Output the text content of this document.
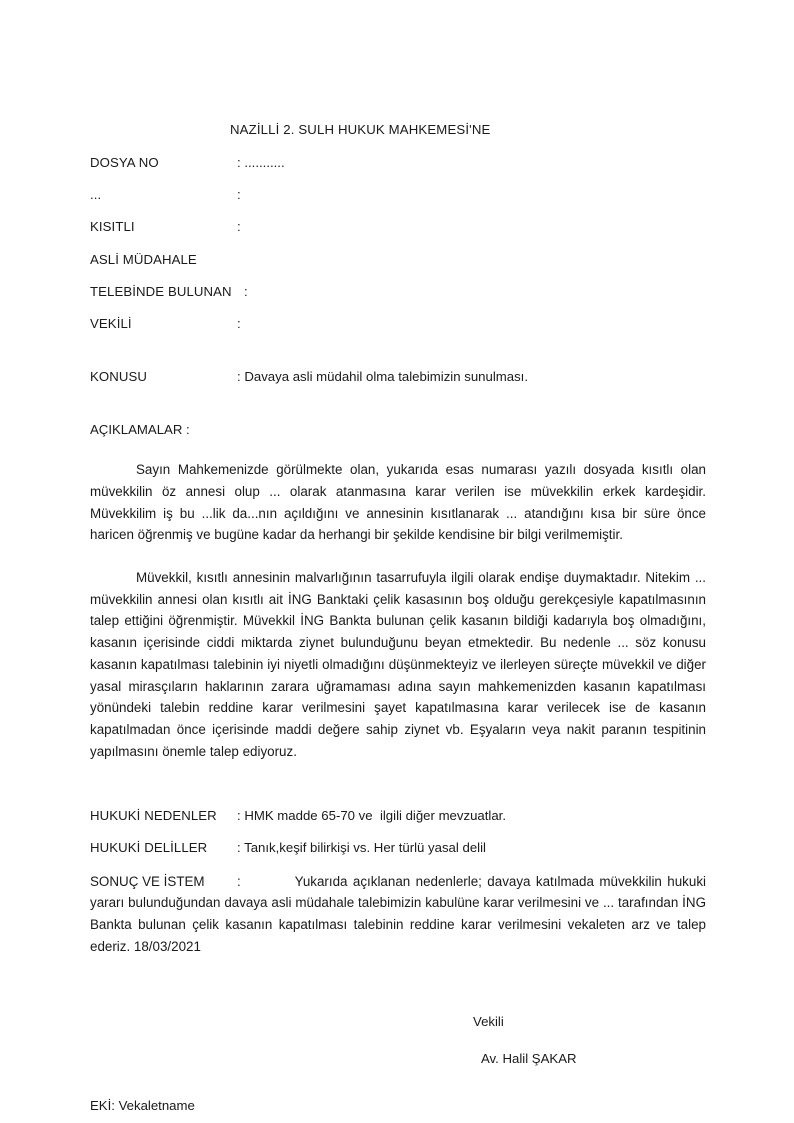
NAZİLLİ 2. SULH HUKUK MAHKEMESİ'NE
DOSYA NO	: ...........
...	:
KISITLI	:
ASLİ MÜDAHALE
TELEBİNDE BULUNAN :
VEKİLİ	:
KONUSU	: Davaya asli müdahil olma talebimizin sunulması.
AÇIKLAMALAR :

Sayın Mahkemenizde görülmekte olan, yukarıda esas numarası yazılı dosyada kısıtlı olan müvekkilin öz annesi olup ... olarak atanmasına karar verilen ise müvekkilin erkek kardeşidir. Müvekkilim iş bu ...lik da...nın açıldığını ve annesinin kısıtlanarak ... atandığını kısa bir süre önce haricen öğrenmiş ve bugüne kadar da herhangi bir şekilde kendisine bir bilgi verilmemiştir.

Müvekkil, kısıtlı annesinin malvarlığının tasarrufuyla ilgili olarak endişe duymaktadır. Nitekim ... müvekkilin annesi olan kısıtlı ait İNG Banktaki çelik kasasının boş olduğu gerekçesiyle kapatılmasının talep ettiğini öğrenmiştir. Müvekkil İNG Bankta bulunan çelik kasanın bildiği kadarıyla boş olmadığını, kasanın içerisinde ciddi miktarda ziynet bulunduğunu beyan etmektedir. Bu nedenle ... söz konusu kasanın kapatılması talebinin iyi niyetli olmadığını düşünmekteyiz ve ilerleyen süreçte müvekkil ve diğer yasal mirasçıların haklarının zarara uğramaması adına sayın mahkemenizden kasanın kapatılması yönündeki talebin reddine karar verilmesini şayet kapatılmasına karar verilecek ise de kasanın kapatılmadan önce içerisinde maddi değere sahip ziynet vb. Eşyaların veya nakit paranın tespitinin yapılmasını önemle talep ediyoruz.

HUKUKİ NEDENLER	: HMK madde 65-70 ve  ilgili diğer mevzuatlar.
HUKUKİ DELİLLER	: Tanık,keşif bilirkişi vs. Her türlü yasal delil

SONUÇ VE İSTEM :	Yukarıda açıklanan nedenlerle; davaya katılmada müvekkilin hukuki yararı bulunduğundan davaya asli müdahale talebimizin kabulüne karar verilmesini ve ... tarafından İNG Bankta bulunan çelik kasanın kapatılması talebinin reddine karar verilmesini vekaleten arz ve talep ederiz. 18/03/2021

Vekili
Av. Halil ŞAKAR
EKİ: Vekaletname
